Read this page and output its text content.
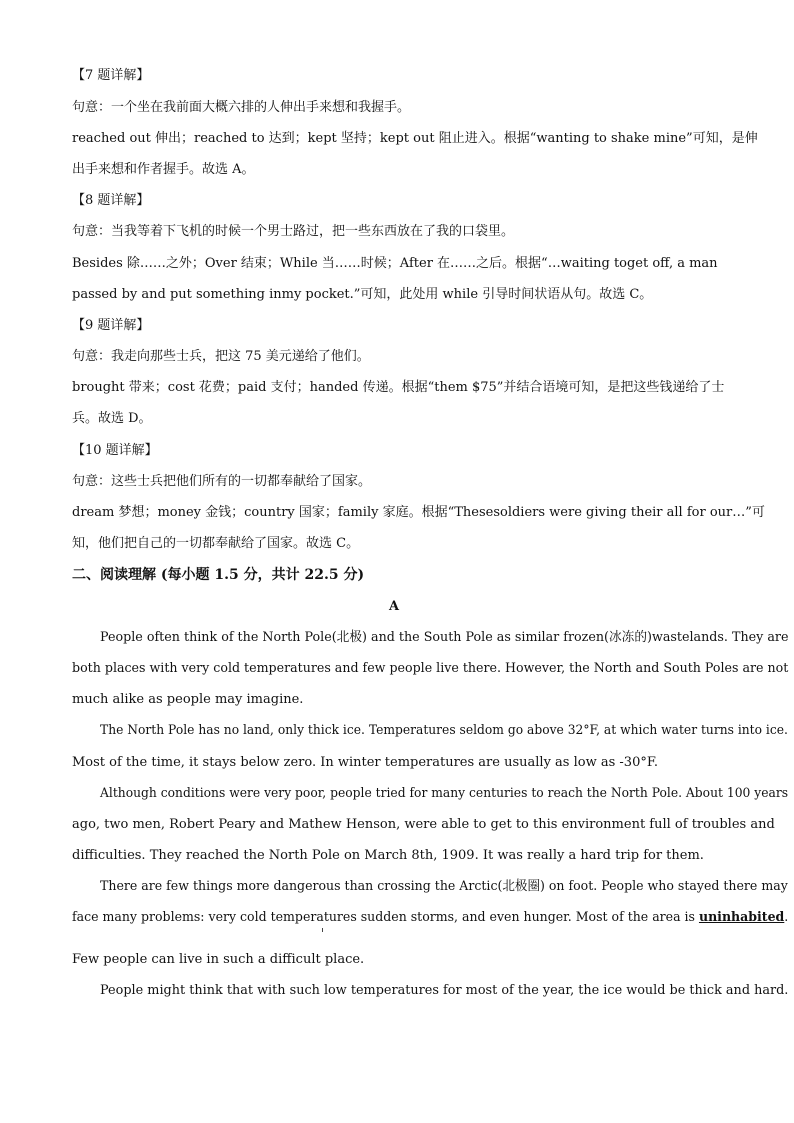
【7 题详解】
句意：一个坐在我前面大概六排的人伸出手来想和我握手。
reached out 伸出；reached to 达到；kept 坚持；kept out 阻止进入。根据“wanting to shake mine”可知，是伸
出手来想和作者握手。故选 A。
【8 题详解】
句意：当我等着下飞机的时候一个男士路过，把一些东西放在了我的口袋里。
Besides 除……之外；Over 结束；While 当……时候；After 在……之后。根据“…waiting toget off, a man
passed by and put something inmy pocket.”可知，此处用 while 引导时间状语从句。故选 C。
【9 题详解】
句意：我走向那些士兵，把这 75 美元递给了他们。
brought 带来；cost 花费；paid 支付；handed 传递。根据“them $75”并结合语境可知，是把这些钱递给了士
兵。故选 D。
【10 题详解】
句意：这些士兵把他们所有的一切都奉献给了国家。
dream 梦想；money 金钱；country 国家；family 家庭。根据“Thesesoldiers were giving their all for our…”可
知，他们把自己的一切都奉献给了国家。故选 C。
二、阅读理解 (每小题 1.5 分，共计 22.5 分)
A
People often think of the North Pole(北极) and the South Pole as similar frozen(冰冻的)wastelands. They are
both places with very cold temperatures and few people live there. However, the North and South Poles are not
much alike as people may imagine.
The North Pole has no land, only thick ice. Temperatures seldom go above 32°F, at which water turns into ice.
Most of the time, it stays below zero. In winter temperatures are usually as low as -30°F.
Although conditions were very poor, people tried for many centuries to reach the North Pole. About 100 years
ago, two men, Robert Peary and Mathew Henson, were able to get to this environment full of troubles and
difficulties. They reached the North Pole on March 8th, 1909. It was really a hard trip for them.
There are few things more dangerous than crossing the Arctic(北极圈) on foot. People who stayed there may
face many problems: very cold temperatures sudden storms, and even hunger. Most of the area is uninhabited.
Few people can live in such a difficult place.
People might think that with such low temperatures for most of the year, the ice would be thick and hard.
